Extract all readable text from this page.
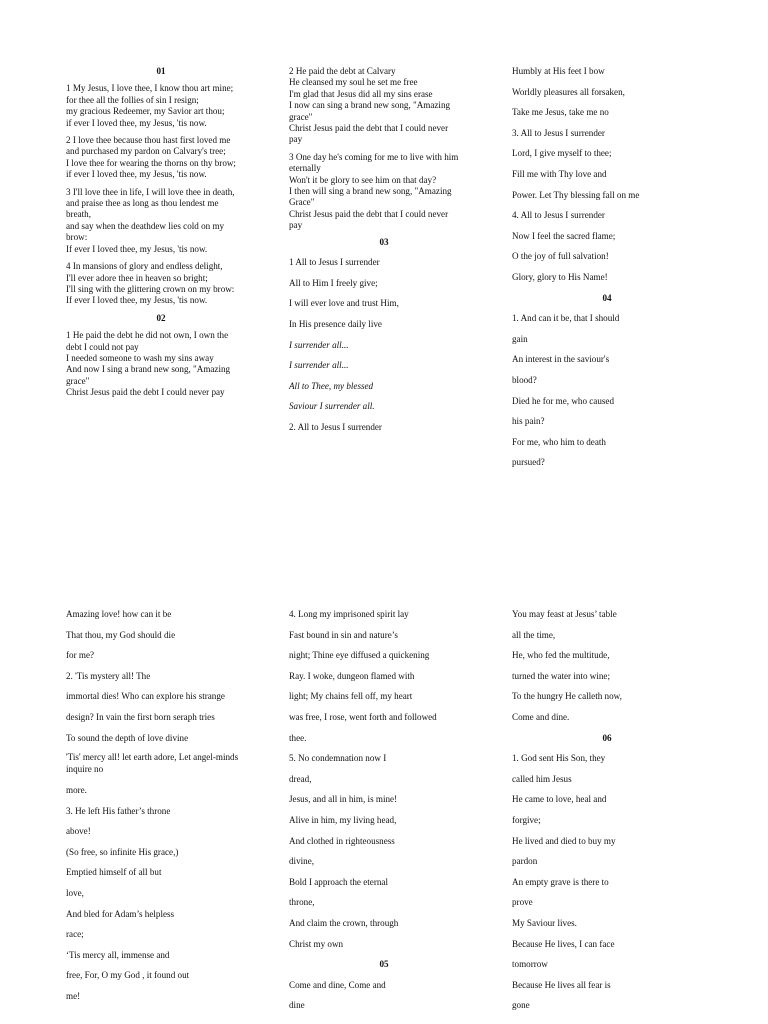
01
1 My Jesus, I love thee, I know thou art mine;
for thee all the follies of sin I resign;
my gracious Redeemer, my Savior art thou;
if ever I loved thee, my Jesus, 'tis now.
2 I love thee because thou hast first loved me
and purchased my pardon on Calvary's tree;
I love thee for wearing the thorns on thy brow;
if ever I loved thee, my Jesus, 'tis now.
3 I'll love thee in life, I will love thee in death,
and praise thee as long as thou lendest me
breath,
and say when the deathdew lies cold on my
brow:
If ever I loved thee, my Jesus, 'tis now.
4 In mansions of glory and endless delight,
I'll ever adore thee in heaven so bright;
I'll sing with the glittering crown on my brow:
If ever I loved thee, my Jesus, 'tis now.
02
1 He paid the debt he did not own, I own the
debt I could not pay
I needed someone to wash my sins away
And now I sing a brand new song, "Amazing
grace"
Christ Jesus paid the debt I could never pay
2 He paid the debt at Calvary
He cleansed my soul he set me free
I'm glad that Jesus did all my sins erase
I now can sing a brand new song, "Amazing
grace"
Christ Jesus paid the debt that I could never
pay
3 One day he's coming for me to live with him
eternally
Won't it be glory to see him on that day?
I then will sing a brand new song, "Amazing
Grace"
Christ Jesus paid the debt that I could never
pay
03
1 All to Jesus I surrender
All to Him I freely give;
I will ever love and trust Him,
In His presence daily live
I surrender all...
I surrender all...
All to Thee, my blessed
Saviour I surrender all.
2. All to Jesus I surrender
Humbly at His feet I bow
Worldly pleasures all forsaken,
Take me Jesus, take me no
3. All to Jesus I surrender
Lord, I give myself to thee;
Fill me with Thy love and
Power. Let Thy blessing fall on me
4. All to Jesus I surrender
Now I feel the sacred flame;
O the joy of full salvation!
Glory, glory to His Name!
04
1. And can it be, that I should
gain
An interest in the saviour's
blood?
Died he for me, who caused
his pain?
For me, who him to death
pursued?
Amazing love! how can it be
That thou, my God should die
for me?
2. 'Tis mystery all! The
immortal dies! Who can explore his strange
design? In vain the first born seraph tries
To sound the depth of love divine
'Tis' mercy all! let earth adore, Let angel-minds
inquire no
more.
3. He left His father’s throne
above!
(So free, so infinite His grace,)
Emptied himself of all but
love,
And bled for Adam’s helpless
race;
‘Tis mercy all, immense and
free, For, O my God , it found out
me!
4. Long my imprisoned spirit lay
Fast bound in sin and nature’s
night; Thine eye diffused a quickening
Ray. I woke, dungeon flamed with
light; My chains fell off, my heart
was free, I rose, went forth and followed
thee.
5. No condemnation now I
dread,
Jesus, and all in him, is mine!
Alive in him, my living head,
And clothed in righteousness
divine,
Bold I approach the eternal
throne,
And claim the crown, through
Christ my own
05
Come and dine, Come and
dine
You may feast at Jesus’ table
all the time,
He, who fed the multitude,
turned the water into wine;
To the hungry He calleth now,
Come and dine.
06
1. God sent His Son, they
called him Jesus
He came to love, heal and
forgive;
He lived and died to buy my
pardon
An empty grave is there to
prove
My Saviour lives.
Because He lives, I can face
tomorrow
Because He lives all fear is
gone
